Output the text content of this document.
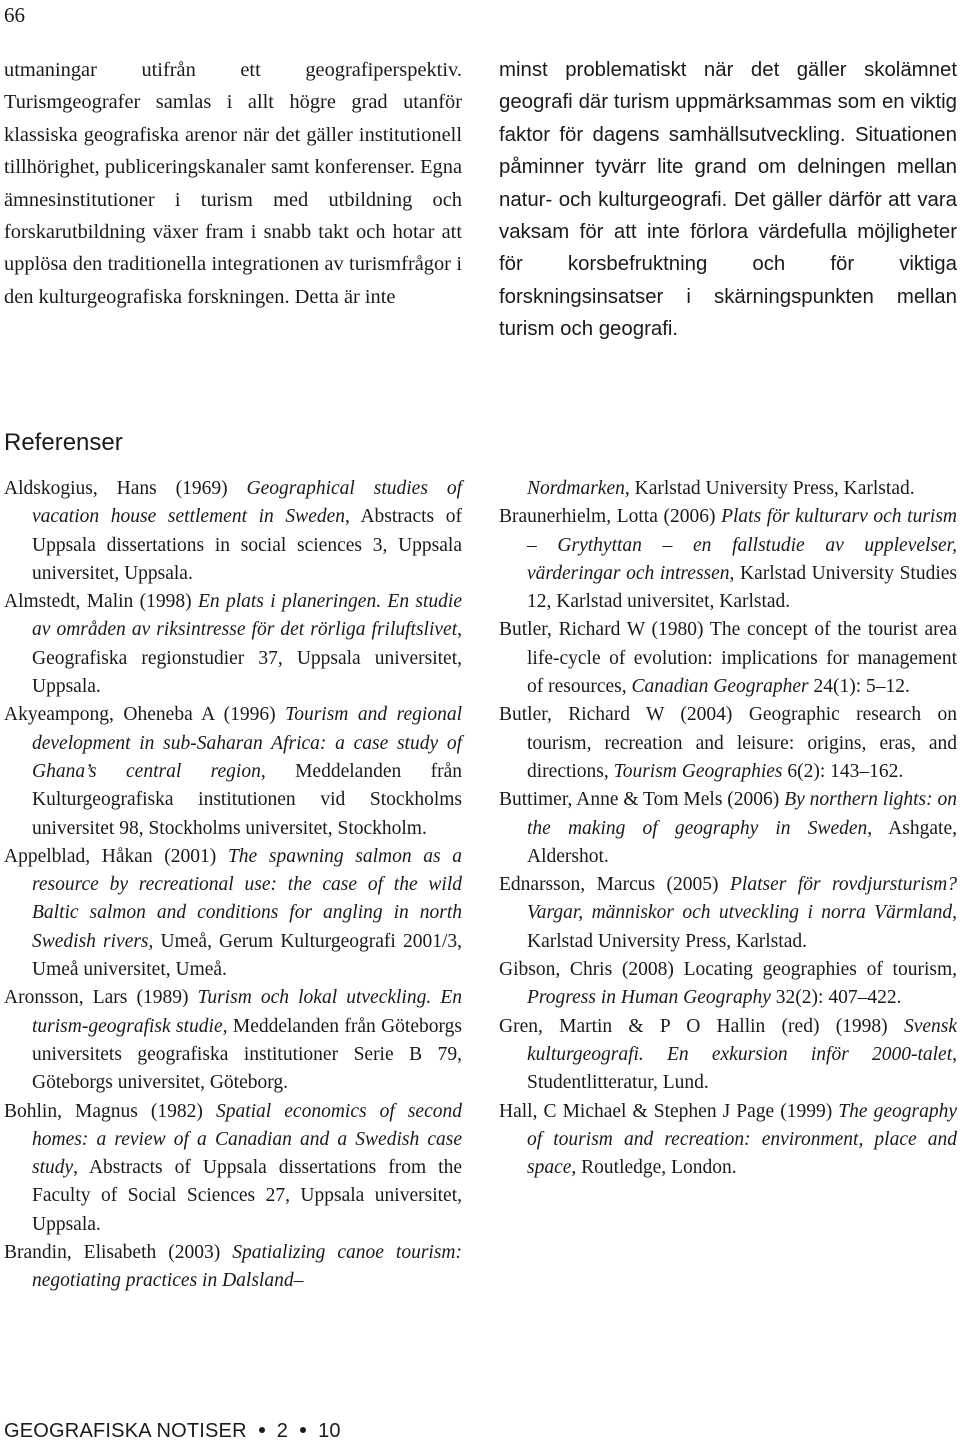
66

utmaningar utifrån ett geografiperspektiv. Turismgeografer samlas i allt högre grad utanför klassiska geografiska arenor när det gäller institutionell tillhörighet, publiceringskanaler samt konferenser. Egna ämnesinstitutioner i turism med utbildning och forskarutbildning växer fram i snabb takt och hotar att upplösa den traditionella integrationen av turismfrågor i den kulturgeografiska forskningen. Detta är inte

minst problematiskt när det gäller skolämnet geografi där turism uppmärksammas som en viktig faktor för dagens samhällsutveckling. Situationen påminner tyvärr lite grand om delningen mellan natur- och kulturgeografi. Det gäller därför att vara vaksam för att inte förlora värdefulla möjligheter för korsbefruktning och för viktiga forskningsinsatser i skärningspunkten mellan turism och geografi.

Referenser

Aldskogius, Hans (1969) Geographical studies of vacation house settlement in Sweden, Abstracts of Uppsala dissertations in social sciences 3, Uppsala universitet, Uppsala.

Almstedt, Malin (1998) En plats i planeringen. En studie av områden av riksintresse för det rörliga friluftslivet, Geografiska regionstudier 37, Uppsala universitet, Uppsala.

Akyeampong, Oheneba A (1996) Tourism and regional development in sub-Saharan Africa: a case study of Ghana’s central region, Meddelanden från Kulturgeografiska institutionen vid Stockholms universitet 98, Stockholms universitet, Stockholm.

Appelblad, Håkan (2001) The spawning salmon as a resource by recreational use: the case of the wild Baltic salmon and conditions for angling in north Swedish rivers, Umeå, Gerum Kulturgeografi 2001/3, Umeå universitet, Umeå.

Aronsson, Lars (1989) Turism och lokal utveckling. En turism-geografisk studie, Meddelanden från Göteborgs universitets geografiska institutioner Serie B 79, Göteborgs universitet, Göteborg.

Bohlin, Magnus (1982) Spatial economics of second homes: a review of a Canadian and a Swedish case study, Abstracts of Uppsala dissertations from the Faculty of Social Sciences 27, Uppsala universitet, Uppsala.

Brandin, Elisabeth (2003) Spatializing canoe tourism: negotiating practices in Dalsland–

Nordmarken, Karlstad University Press, Karlstad.

Braunerhielm, Lotta (2006) Plats för kulturarv och turism – Grythyttan – en fallstudie av upplevelser, värderingar och intressen, Karlstad University Studies 12, Karlstad universitet, Karlstad.

Butler, Richard W (1980) The concept of the tourist area life-cycle of evolution: implications for management of resources, Canadian Geographer 24(1): 5–12.

Butler, Richard W (2004) Geographic research on tourism, recreation and leisure: origins, eras, and directions, Tourism Geographies 6(2): 143–162.

Buttimer, Anne & Tom Mels (2006) By northern lights: on the making of geography in Sweden, Ashgate, Aldershot.

Ednarsson, Marcus (2005) Platser för rovdjursturism? Vargar, människor och utveckling i norra Värmland, Karlstad University Press, Karlstad.

Gibson, Chris (2008) Locating geographies of tourism, Progress in Human Geography 32(2): 407–422.

Gren, Martin & P O Hallin (red) (1998) Svensk kulturgeografi. En exkursion inför 2000-talet, Studentlitteratur, Lund.

Hall, C Michael & Stephen J Page (1999) The geography of tourism and recreation: environment, place and space, Routledge, London.

GEOGRAFISKA NOTISER 2 10
